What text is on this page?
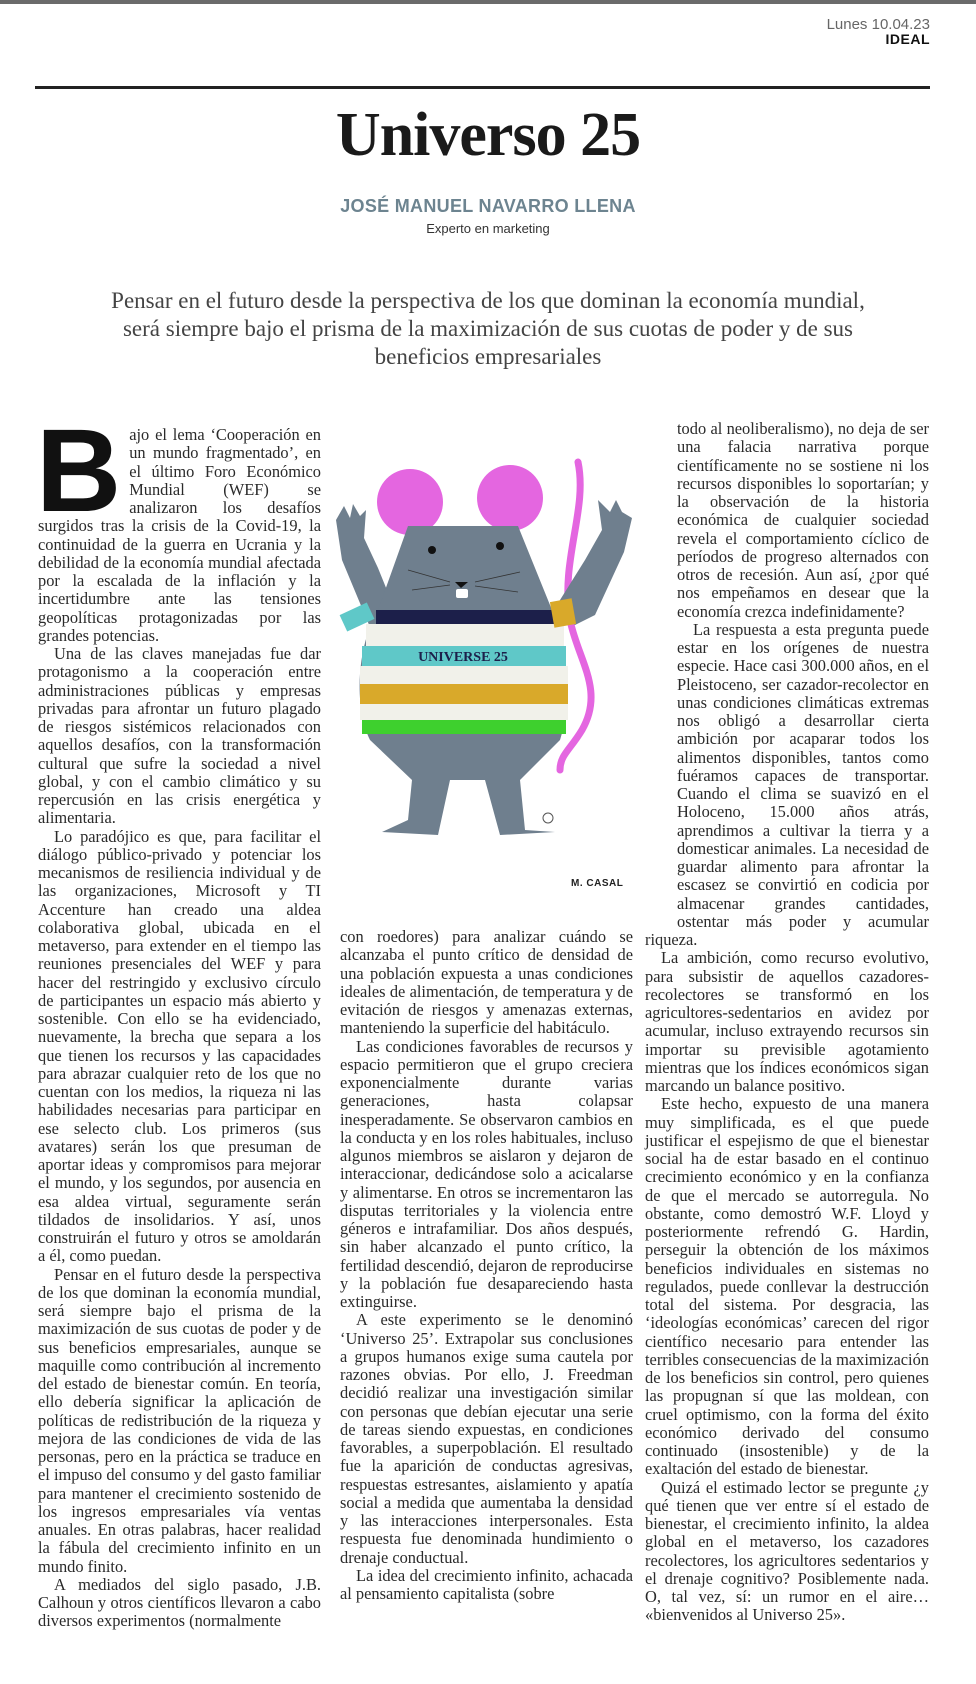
Lunes 10.04.23
IDEAL
Universo 25
JOSÉ MANUEL NAVARRO LLENA
Experto en marketing
Pensar en el futuro desde la perspectiva de los que dominan la economía mundial, será siempre bajo el prisma de la maximización de sus cuotas de poder y de sus beneficios empresariales
B ajo el lema ‘Cooperación en un mundo fragmentado’, en el último Foro Económico Mundial (WEF) se analizaron los desafíos surgidos tras la crisis de la Covid-19, la continuidad de la guerra en Ucrania y la debilidad de la economía mundial afectada por la escalada de la inflación y la incertidumbre ante las tensiones geopolíticas protagonizadas por las grandes potencias.

Una de las claves manejadas fue dar protagonismo a la cooperación entre administraciones públicas y empresas privadas para afrontar un futuro plagado de riesgos sistémicos relacionados con aquellos desafíos, con la transformación cultural que sufre la sociedad a nivel global, y con el cambio climático y su repercusión en las crisis energética y alimentaria.

Lo paradójico es que, para facilitar el diálogo público-privado y potenciar los mecanismos de resiliencia individual y de las organizaciones, Microsoft y TI Accenture han creado una aldea colaborativa global, ubicada en el metaverso, para extender en el tiempo las reuniones presenciales del WEF y para hacer del restringido y exclusivo círculo de participantes un espacio más abierto y sostenible. Con ello se ha evidenciado, nuevamente, la brecha que separa a los que tienen los recursos y las capacidades para abrazar cualquier reto de los que no cuentan con los medios, la riqueza ni las habilidades necesarias para participar en ese selecto club. Los primeros (sus avatares) serán los que presuman de aportar ideas y compromisos para mejorar el mundo, y los segundos, por ausencia en esa aldea virtual, seguramente serán tildados de insolidarios. Y así, unos construirán el futuro y otros se amoldarán a él, como puedan.

Pensar en el futuro desde la perspectiva de los que dominan la economía mundial, será siempre bajo el prisma de la maximización de sus cuotas de poder y de sus beneficios empresariales, aunque se maquille como contribución al incremento del estado de bienestar común. En teoría, ello debería significar la aplicación de políticas de redistribución de la riqueza y mejora de las condiciones de vida de las personas, pero en la práctica se traduce en el impuso del consumo y del gasto familiar para mantener el crecimiento sostenido de los ingresos empresariales vía ventas anuales. En otras palabras, hacer realidad la fábula del crecimiento infinito en un mundo finito.

A mediados del siglo pasado, J.B. Calhoun y otros científicos llevaron a cabo diversos experimentos (normalmente

con roedores) para analizar cuándo se alcanzaba el punto crítico de densidad de una población expuesta a unas condiciones ideales de alimentación, de temperatura y de evitación de riesgos y amenazas externas, manteniendo la superficie del habitáculo.

Las condiciones favorables de recursos y espacio permitieron que el grupo creciera exponencialmente durante varias generaciones, hasta colapsar inesperadamente. Se observaron cambios en la conducta y en los roles habituales, incluso algunos miembros se aislaron y dejaron de interaccionar, dedicándose solo a acicalarse y alimentarse. En otros se incrementaron las disputas territoriales y la violencia entre géneros e intrafamiliar. Dos años después, sin haber alcanzado el punto crítico, la fertilidad descendió, dejaron de reproducirse y la población fue desapareciendo hasta extinguirse.

A este experimento se le denominó ‘Universo 25’. Extrapolar sus conclusiones a grupos humanos exige suma cautela por razones obvias. Por ello, J. Freedman decidió realizar una investigación similar con personas que debían ejecutar una serie de tareas siendo expuestas, en condiciones favorables, a superpoblación. El resultado fue la aparición de conductas agresivas, respuestas estresantes, aislamiento y apatía social a medida que aumentaba la densidad y las interacciones interpersonales. Esta respuesta fue denominada hundimiento o drenaje conductual.

La idea del crecimiento infinito, achacada al pensamiento capitalista (sobre

todo al neoliberalismo), no deja de ser una falacia narrativa porque científicamente no se sostiene ni los recursos disponibles lo soportarían; y la observación de la historia económica de cualquier sociedad revela el comportamiento cíclico de períodos de progreso alternados con otros de recesión. Aun así, ¿por qué nos empeñamos en desear que la economía crezca indefinidamente?

La respuesta a esta pregunta puede estar en los orígenes de nuestra especie. Hace casi 300.000 años, en el Pleistoceno, ser cazador-recolector en unas condiciones climáticas extremas nos obligó a desarrollar cierta ambición por acaparar todos los alimentos disponibles, tantos como fuéramos capaces de transportar. Cuando el clima se suavizó en el Holoceno, 15.000 años atrás, aprendimos a cultivar la tierra y a domesticar animales. La necesidad de guardar alimento para afrontar la escasez se convirtió en codicia por almacenar grandes cantidades, ostentar más poder y acumular riqueza.

La ambición, como recurso evolutivo, para subsistir de aquellos cazadores-recolectores se transformó en los agricultores-sedentarios en avidez por acumular, incluso extrayendo recursos sin importar su previsible agotamiento mientras que los índices económicos sigan marcando un balance positivo.

Este hecho, expuesto de una manera muy simplificada, es el que puede justificar el espejismo de que el bienestar social ha de estar basado en el continuo crecimiento económico y en la confianza de que el mercado se autorregula. No obstante, como demostró W.F. Lloyd y posteriormente refrendó G. Hardin, perseguir la obtención de los máximos beneficios individuales en sistemas no regulados, puede conllevar la destrucción total del sistema. Por desgracia, las ‘ideologías económicas’ carecen del rigor científico necesario para entender las terribles consecuencias de la maximización de los beneficios sin control, pero quienes las propugnan sí que las moldean, con cruel optimismo, con la forma del éxito económico derivado del consumo continuado (insostenible) y de la exaltación del estado de bienestar.

Quizá el estimado lector se pregunte ¿y qué tienen que ver entre sí el estado de bienestar, el crecimiento infinito, la aldea global en el metaverso, los cazadores recolectores, los agricultores sedentarios y el drenaje cognitivo? Posiblemente nada. O, tal vez, sí: un rumor en el aire… «bienvenidos al Universo 25».

UNIVERSE 25
M. CASAL
